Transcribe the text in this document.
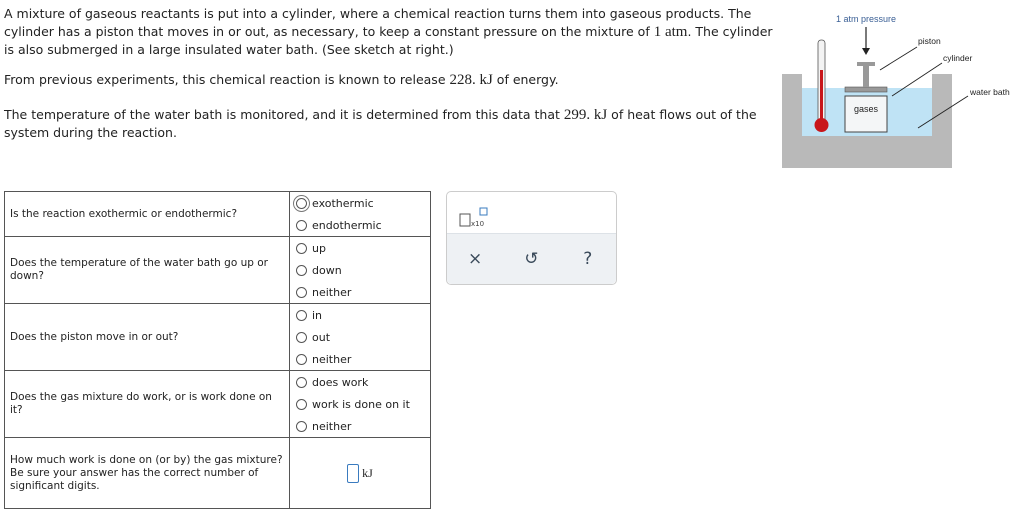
A mixture of gaseous reactants is put into a cylinder, where a chemical reaction turns them into gaseous products. The cylinder has a piston that moves in or out, as necessary, to keep a constant pressure on the mixture of 1 atm. The cylinder is also submerged in a large insulated water bath. (See sketch at right.)

From previous experiments, this chemical reaction is known to release 228. kJ of energy.

The temperature of the water bath is monitored, and it is determined from this data that 299. kJ of heat flows out of the system during the reaction.

gases
1 atm pressure
piston
cylinder
water bath
Is the reaction exothermic or endothermic?	exothermic
endothermic

Does the temperature of the water bath go up or down?	up
down
neither

Does the piston move in or out?	in
out
neither

Does the gas mixture do work, or is work done on it?	does work
work is done on it
neither

How much work is done on (or by) the gas mixture? Be sure your answer has the correct number of significant digits.	kJ
x10
×	↺	?
